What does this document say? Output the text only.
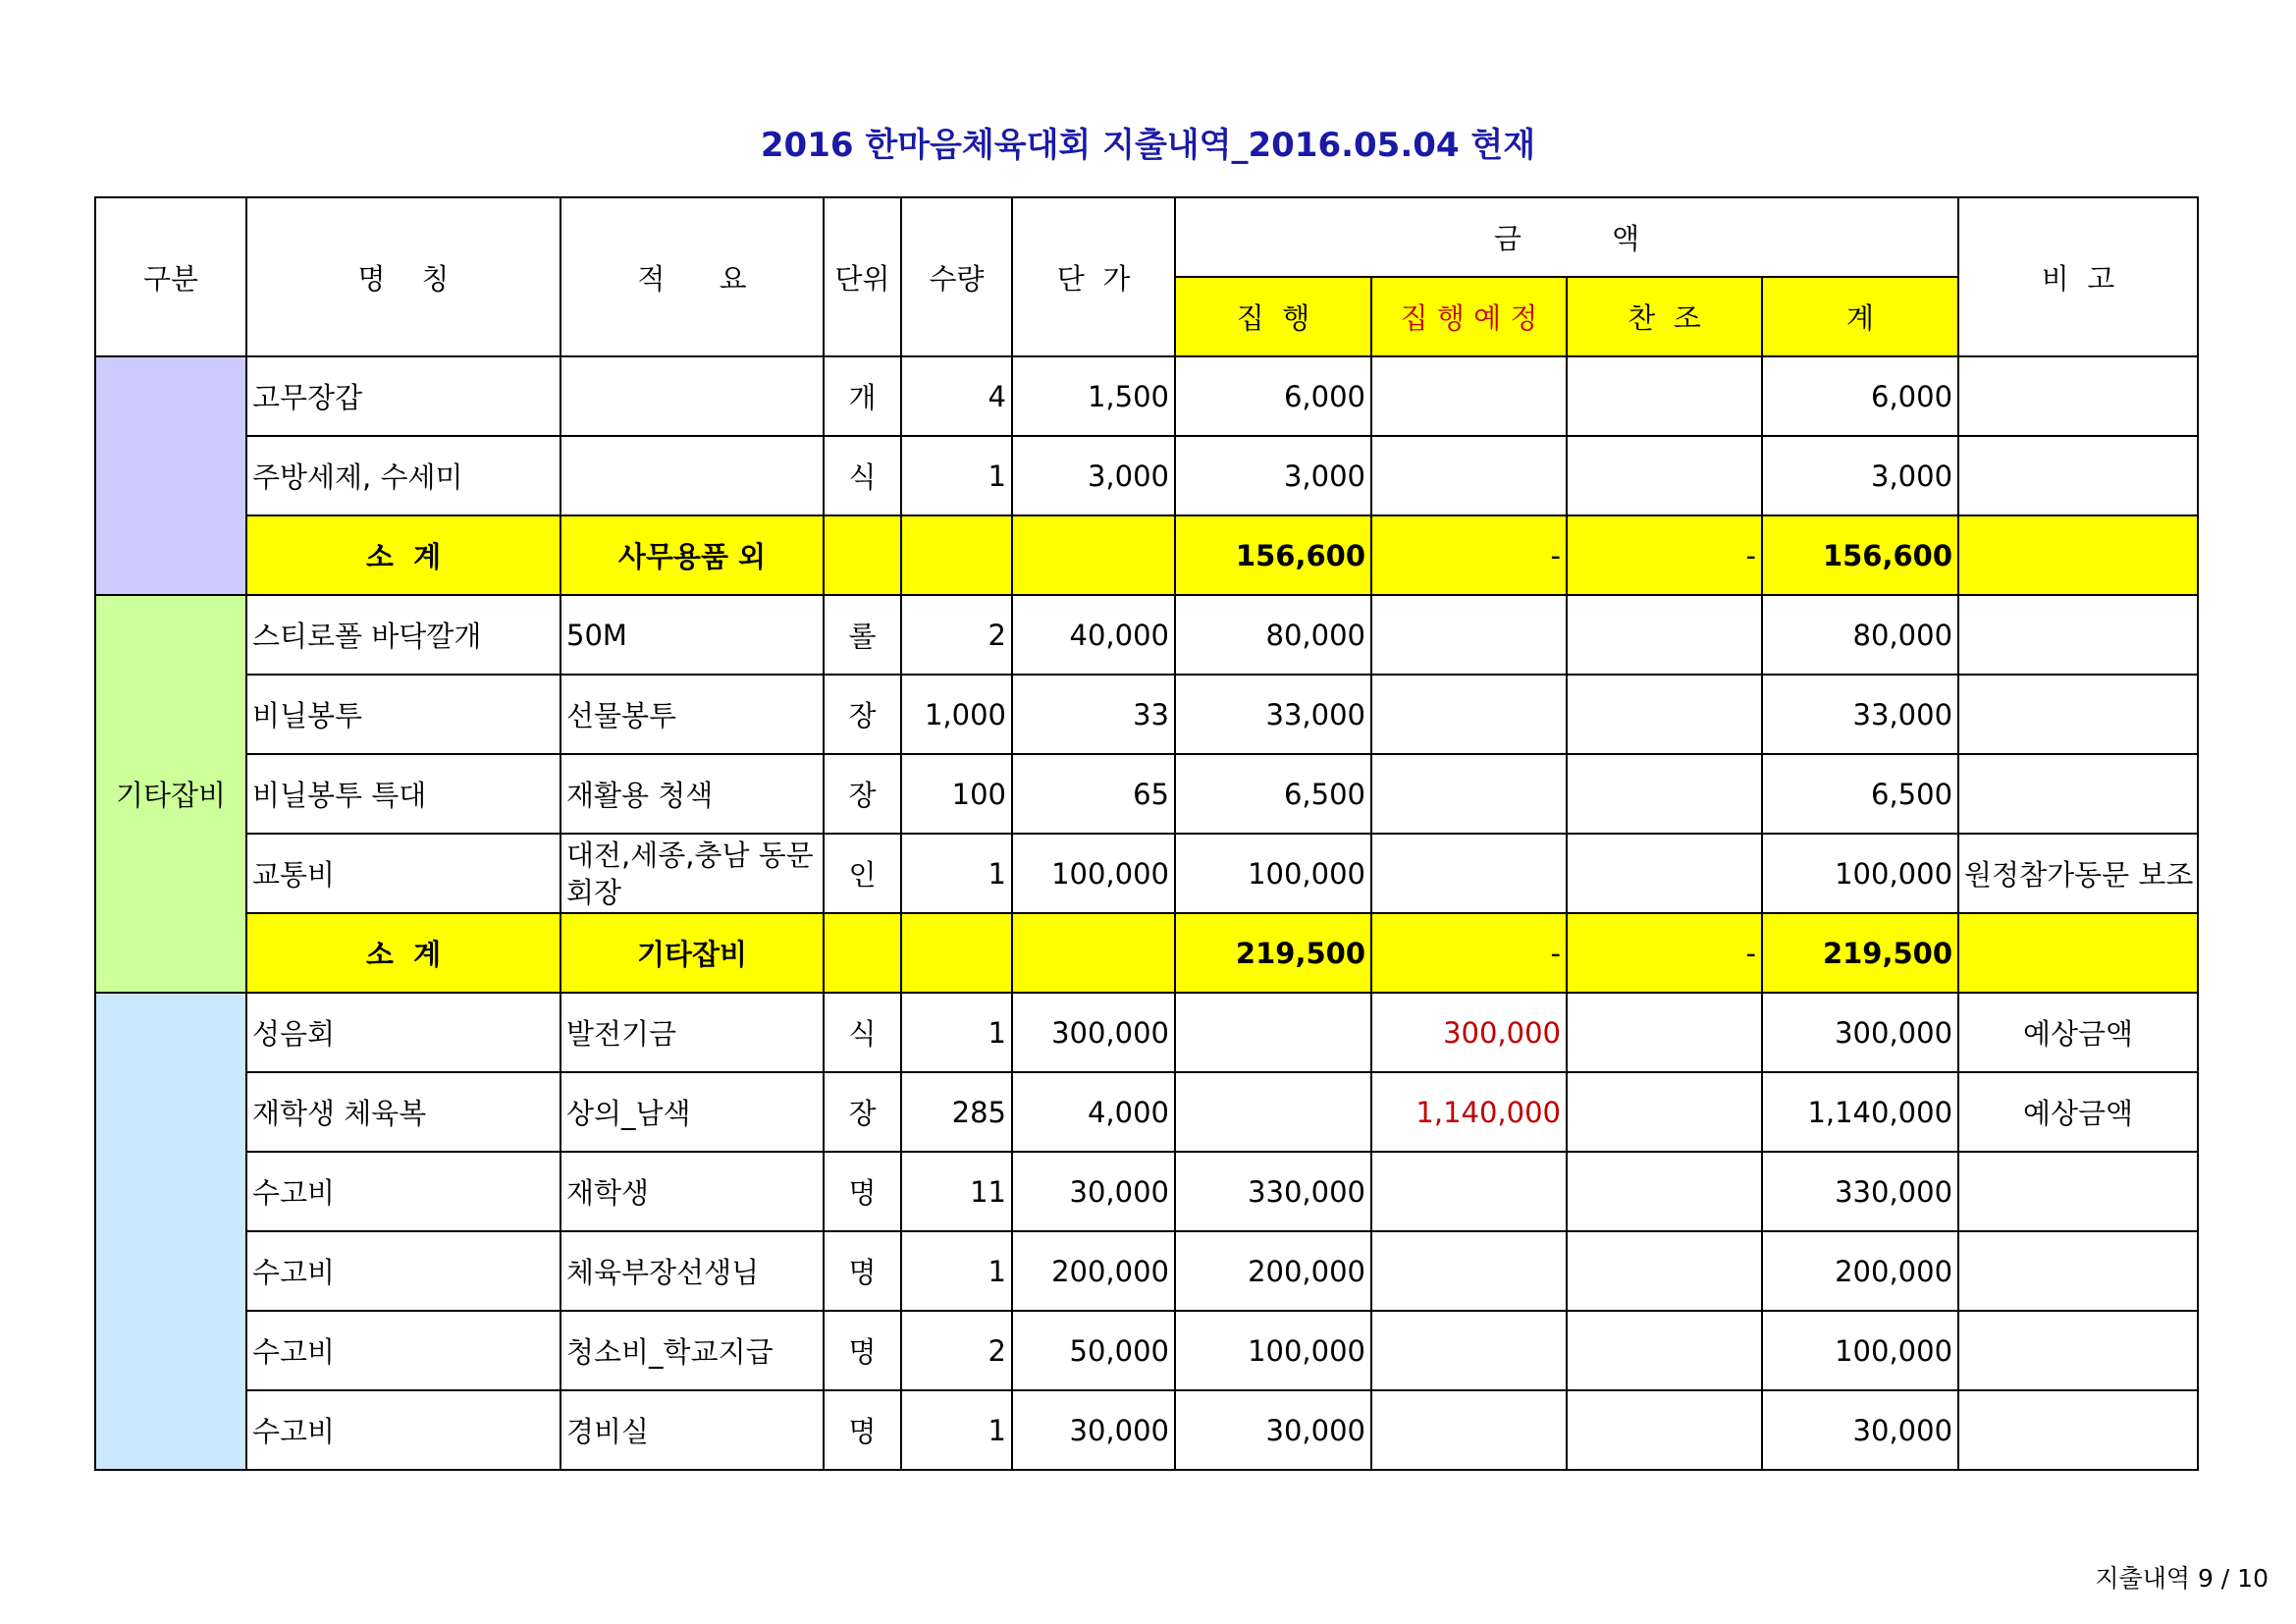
2016 한마음체육대회 지출내역_2016.05.04 현재
구분	명    칭	적      요	단위	수량	단  가	금          액				비  고
						집  행	집 행 예 정	찬  조	계	
	고무장갑		개	4	1,500	6,000			6,000	
	주방세제, 수세미		식	1	3,000	3,000			3,000	
	소  계	사무용품 외				156,600	-	-	156,600	
기타잡비	스티로폴 바닥깔개	50M	롤	2	40,000	80,000			80,000	
	비닐봉투	선물봉투	장	1,000	33	33,000			33,000	
	비닐봉투 특대	재활용 청색	장	100	65	6,500			6,500	
	교통비	대전,세종,충남 동문회장	인	1	100,000	100,000			100,000	원정참가동문 보조
	소  계	기타잡비				219,500	-	-	219,500	
	성음회	발전기금	식	1	300,000		300,000		300,000	예상금액
	재학생 체육복	상의_남색	장	285	4,000		1,140,000		1,140,000	예상금액
	수고비	재학생	명	11	30,000	330,000			330,000	
	수고비	체육부장선생님	명	1	200,000	200,000			200,000	
	수고비	청소비_학교지급	명	2	50,000	100,000			100,000	
	수고비	경비실	명	1	30,000	30,000			30,000	
지출내역 9 / 10
